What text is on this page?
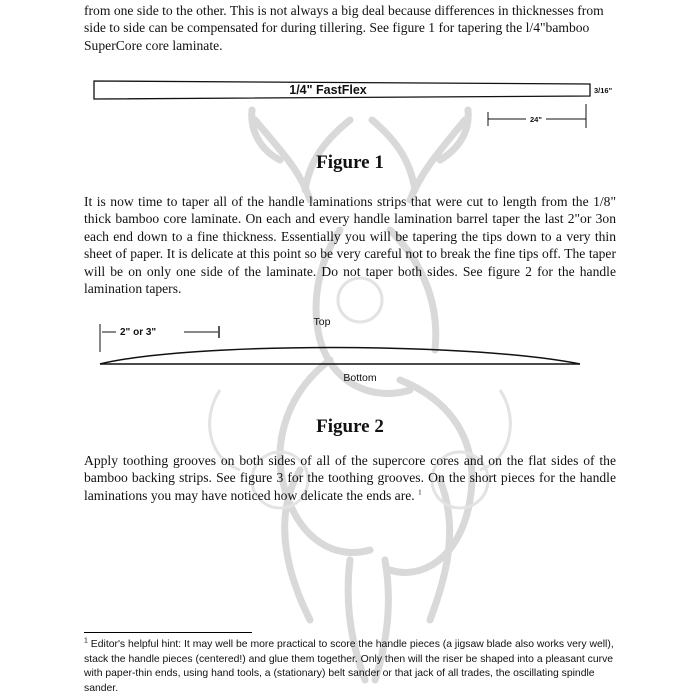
from one side to the other. This is not always a big deal because differences in thicknesses from
side to side can be compensated for during tillering. See figure 1 for tapering the l/4"bamboo
SuperCore core laminate.
1/4" FastFlex	3/16"
24"
Figure 1

It is now time to taper all of the handle laminations strips that were cut to length from the 1/8" thick bamboo core laminate. On each and every handle lamination barrel taper the last 2"or 3on each end down to a fine thickness. Essentially you will be tapering the tips down to a very thin sheet of paper. It is delicate at this point so be very careful not to break the fine tips off. The taper will be on only one side of the laminate. Do not taper both sides. See figure 2 for the handle lamination tapers.

2" or 3"
Top
Bottom
Figure 2

Apply toothing grooves on both sides of all of the supercore cores and on the flat sides of the bamboo backing strips. See figure 3 for the toothing grooves. On the short pieces for the handle laminations you may have noticed how delicate the ends are. $^1$

$^1$ Editor's helpful hint: It may well be more practical to score the handle pieces (a jigsaw blade also works very well), stack the handle pieces (centered!) and glue them together. Only then will the riser be shaped into a pleasant curve with paper-thin ends, using hand tools, a (stationary) belt sander or that jack of all trades, the oscillating spindle sander.
